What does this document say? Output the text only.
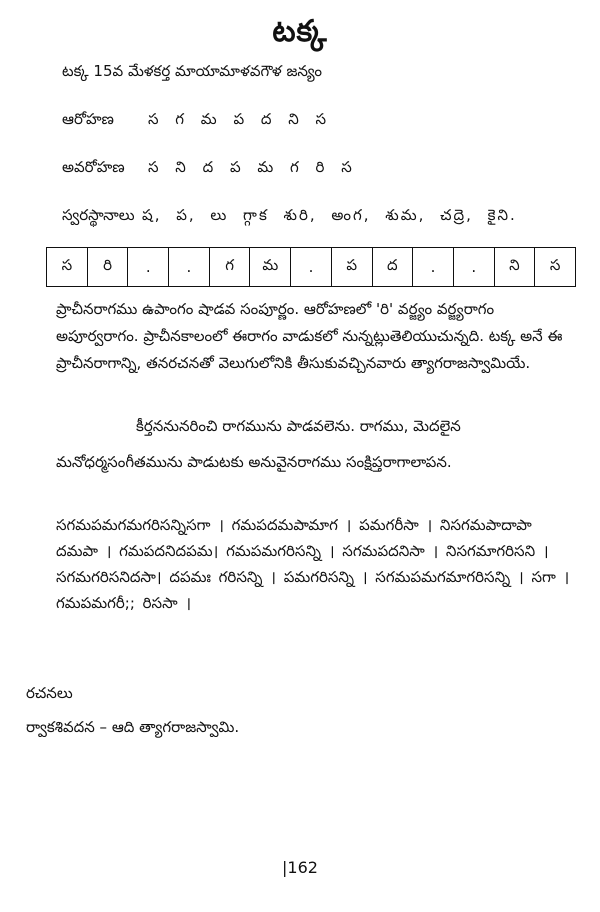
టక్క
టక్క 15వ మేళకర్త మాయామాళవగౌళ జన్యం
ఆరోహణ స గ మ ప ద ని స
అవరోహణ స ని ద ప మ గ రి స
స్వరస్థానాలు ష, ప, లు గ్గాక శురి, అంగ, శుమ, చద్రె, కైని.
స	రి	.	.	గ	మ	.	ప	ద	.	.	ని	స
ప్రాచీనరాగము ఉపాంగం షాడవ సంపూర్ణం. ఆరోహణలో 'రి' వర్జ్యం వర్జ్యరాగం అపూర్వరాగం. ప్రాచీనకాలంలో ఈరాగం వాడుకలో నున్నట్లుతెలియుచున్నది. టక్క అనే ఈ ప్రాచీనరాగాన్ని, తనరచనతో వెలుగులోనికి తీసుకువచ్చినవారు త్యాగరాజస్వామియే.
కీర్తననునరించి రాగమును పాడవలెను. రాగము, మెదలైన మనోధర్మసంగీతమును పాడుటకు అనువైనరాగము సంక్షిప్తరాగాలాపన.
సగమపమగమగరిసన్నిసగా । గమపదమపామాగ । పమగరీసా । నిసగమపాదాపా దమపా । గమపదనిదపమ। గమపమగరిసన్ని । సగమపదనిసా । నిసగమాగరిసని । సగమగరిసనిదసా। దపమః గరిసన్ని । పమగరిసన్ని । సగమపమగమాగరిసన్ని । సగా । గమపమగరీ;; రిససా ।
రచనలు
ర్వాకశివదన – ఆది త్యాగరాజస్వామి.
|162
